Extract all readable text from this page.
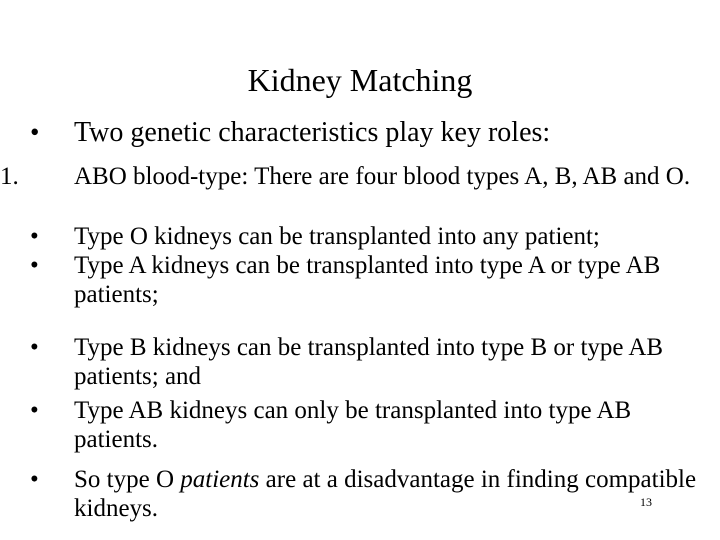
Kidney Matching
•	Two genetic characteristics play key roles:
1.	ABO blood-type: There are four blood types A, B, AB and O.
•	Type O kidneys can be transplanted into any patient;
•	Type A kidneys can be transplanted into type A or type AB patients;
•	Type B kidneys can be transplanted into type B or type AB patients; and
•	Type AB kidneys can only be transplanted into type AB patients.
•	So type O patients are at a disadvantage in finding compatible kidneys.	13
